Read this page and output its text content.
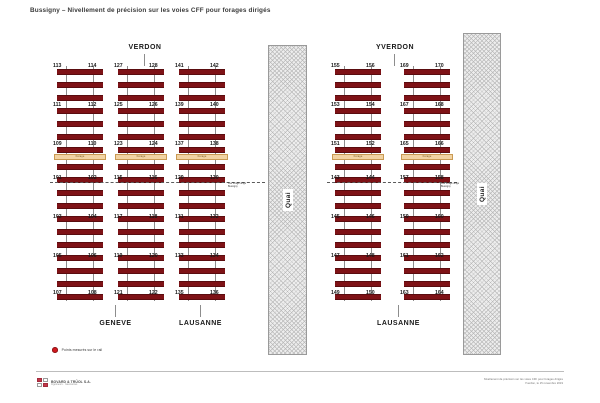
Bussigny – Nivellement de précision sur les voies CFF pour forages dirigés
VERDON	YVERDON
Forage
113	114
111	112
109	110
101	102
103	104
105	106
107	108
Forage
127	128
125	126
123	124
115	116
117	118
119	120
121	122
Forage
141	142
139	140
137	138
129	130
131	132
133	134
135	136
Quai
Forage
155	156
153	154
151	152
143	144
145	146
147	148
149	150
Forage
169	170
167	168
165	166
157	158
159	160
161	162
163	164
Quai
Axe forage dirigé
Bussigny
Axe forage dirigé
Bussigny
GENEVE	LAUSANNE	LAUSANNE
Points mesurés sur le rail
BOVARD & TRÜOL S.A.
Ingénieurs · Géomètres
Nivellement de précision sur les voies CFF pour forages dirigés
Yverdon, le 15 novembre 2019
